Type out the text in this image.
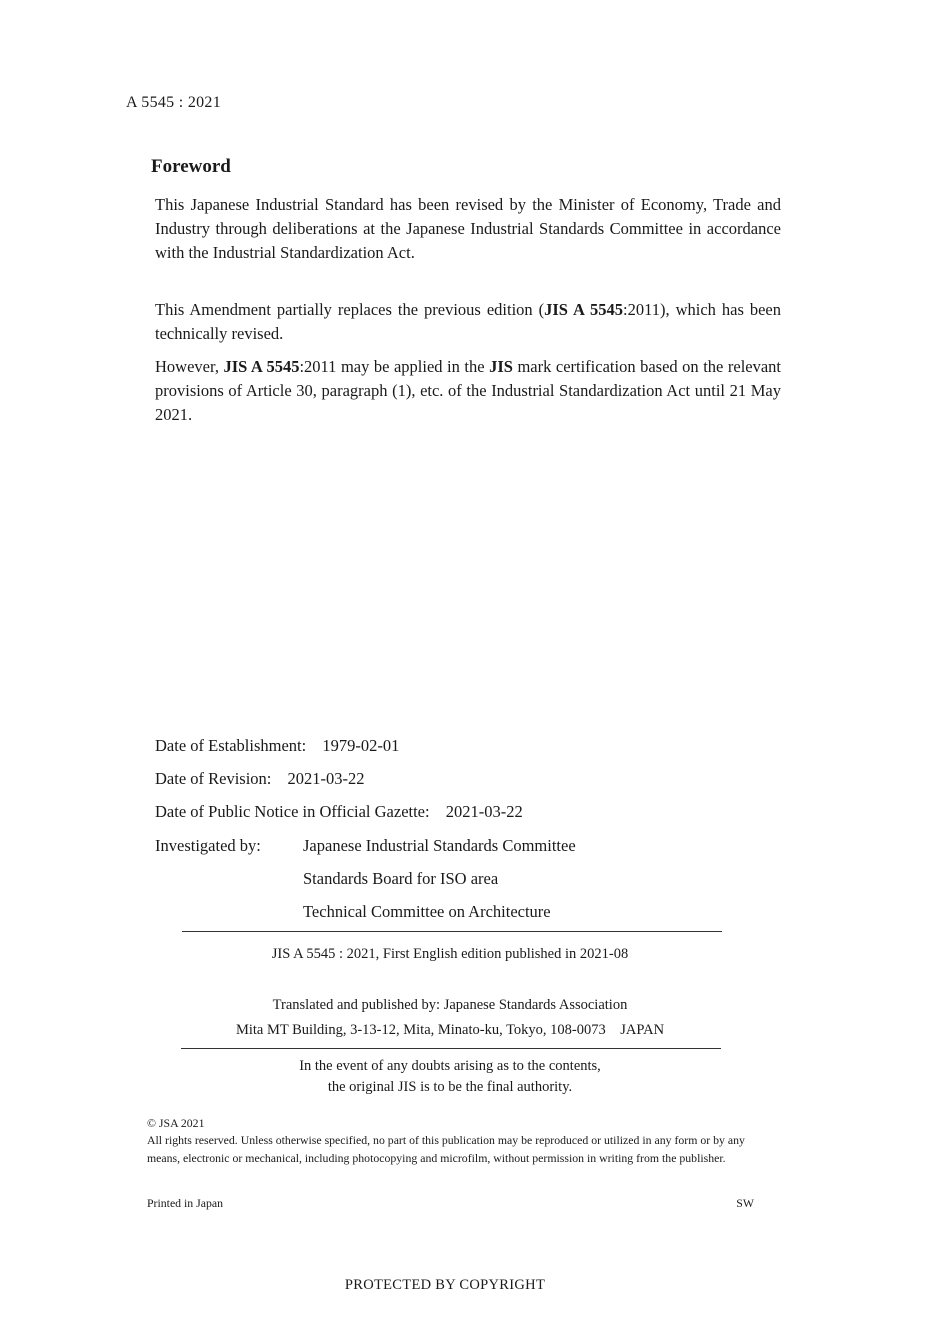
A 5545 : 2021
Foreword
This Japanese Industrial Standard has been revised by the Minister of Economy, Trade and Industry through deliberations at the Japanese Industrial Standards Committee in accordance with the Industrial Standardization Act.
This Amendment partially replaces the previous edition (JIS A 5545:2011), which has been technically revised.
However, JIS A 5545:2011 may be applied in the JIS mark certification based on the relevant provisions of Article 30, paragraph (1), etc. of the Industrial Standardization Act until 21 May 2021.
Date of Establishment: 1979-02-01
Date of Revision: 2021-03-22
Date of Public Notice in Official Gazette: 2021-03-22
Investigated by:	Japanese Industrial Standards Committee
Standards Board for ISO area
Technical Committee on Architecture
JIS A 5545 : 2021, First English edition published in 2021-08
Translated and published by: Japanese Standards Association
Mita MT Building, 3-13-12, Mita, Minato-ku, Tokyo, 108-0073　JAPAN
In the event of any doubts arising as to the contents,
the original JIS is to be the final authority.
© JSA 2021
All rights reserved. Unless otherwise specified, no part of this publication may be reproduced or utilized in any form or by any means, electronic or mechanical, including photocopying and microfilm, without permission in writing from the publisher.
Printed in Japan	SW
PROTECTED BY COPYRIGHT
